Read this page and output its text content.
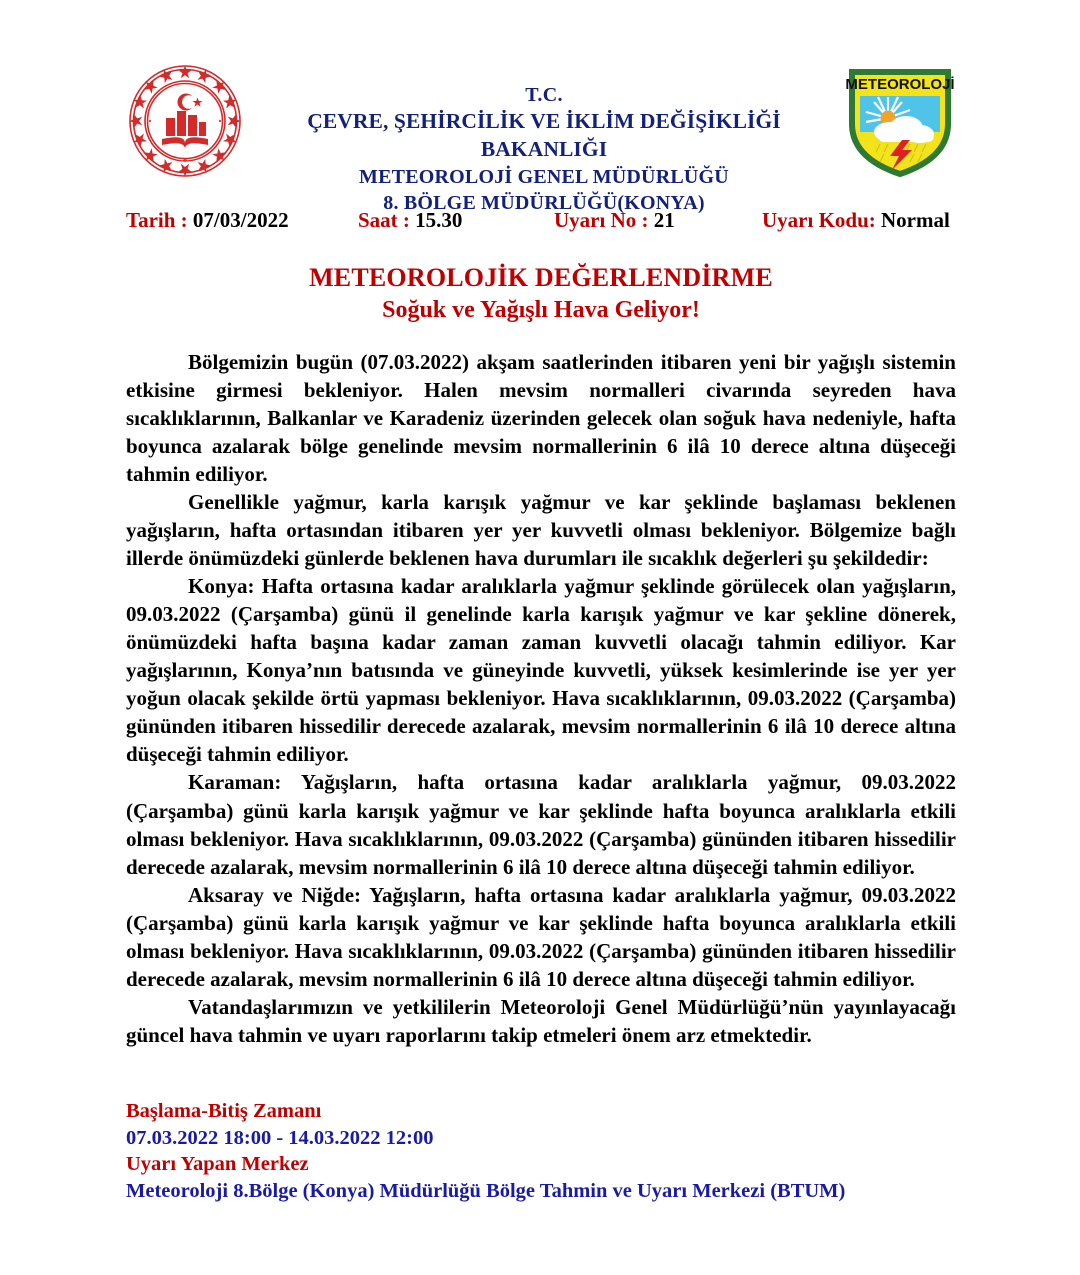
T.C.
ÇEVRE, ŞEHİRCİLİK VE İKLİM DEĞİŞİKLİĞİ BAKANLIĞI
METEOROLOJİ GENEL MÜDÜRLÜĞÜ
8. BÖLGE MÜDÜRLÜĞÜ(KONYA)
METEOROLOJİ
Tarih : 07/03/2022	Saat : 15.30	Uyarı No : 21	Uyarı Kodu: Normal
METEOROLOJİK DEĞERLENDİRME
Soğuk ve Yağışlı Hava Geliyor!

Bölgemizin bugün (07.03.2022) akşam saatlerinden itibaren yeni bir yağışlı sistemin etkisine girmesi bekleniyor. Halen mevsim normalleri civarında seyreden hava sıcaklıklarının, Balkanlar ve Karadeniz üzerinden gelecek olan soğuk hava nedeniyle, hafta boyunca azalarak bölge genelinde mevsim normallerinin 6 ilâ 10 derece altına düşeceği tahmin ediliyor.

Genellikle yağmur, karla karışık yağmur ve kar şeklinde başlaması beklenen yağışların, hafta ortasından itibaren yer yer kuvvetli olması bekleniyor. Bölgemize bağlı illerde önümüzdeki günlerde beklenen hava durumları ile sıcaklık değerleri şu şekildedir:

Konya: Hafta ortasına kadar aralıklarla yağmur şeklinde görülecek olan yağışların, 09.03.2022 (Çarşamba) günü il genelinde karla karışık yağmur ve kar şekline dönerek, önümüzdeki hafta başına kadar zaman zaman kuvvetli olacağı tahmin ediliyor. Kar yağışlarının, Konya’nın batısında ve güneyinde kuvvetli, yüksek kesimlerinde ise yer yer yoğun olacak şekilde örtü yapması bekleniyor. Hava sıcaklıklarının, 09.03.2022 (Çarşamba) gününden itibaren hissedilir derecede azalarak, mevsim normallerinin 6 ilâ 10 derece altına düşeceği tahmin ediliyor.

Karaman: Yağışların, hafta ortasına kadar aralıklarla yağmur, 09.03.2022 (Çarşamba) günü karla karışık yağmur ve kar şeklinde hafta boyunca aralıklarla etkili olması bekleniyor. Hava sıcaklıklarının, 09.03.2022 (Çarşamba) gününden itibaren hissedilir derecede azalarak, mevsim normallerinin 6 ilâ 10 derece altına düşeceği tahmin ediliyor.

Aksaray ve Niğde: Yağışların, hafta ortasına kadar aralıklarla yağmur, 09.03.2022 (Çarşamba) günü karla karışık yağmur ve kar şeklinde hafta boyunca aralıklarla etkili olması bekleniyor. Hava sıcaklıklarının, 09.03.2022 (Çarşamba) gününden itibaren hissedilir derecede azalarak, mevsim normallerinin 6 ilâ 10 derece altına düşeceği tahmin ediliyor.

Vatandaşlarımızın ve yetkililerin Meteoroloji Genel Müdürlüğü’nün yayınlayacağı güncel hava tahmin ve uyarı raporlarını takip etmeleri önem arz etmektedir.

Başlama-Bitiş Zamanı
07.03.2022 18:00 - 14.03.2022 12:00
Uyarı Yapan Merkez
Meteoroloji 8.Bölge (Konya) Müdürlüğü Bölge Tahmin ve Uyarı Merkezi (BTUM)
